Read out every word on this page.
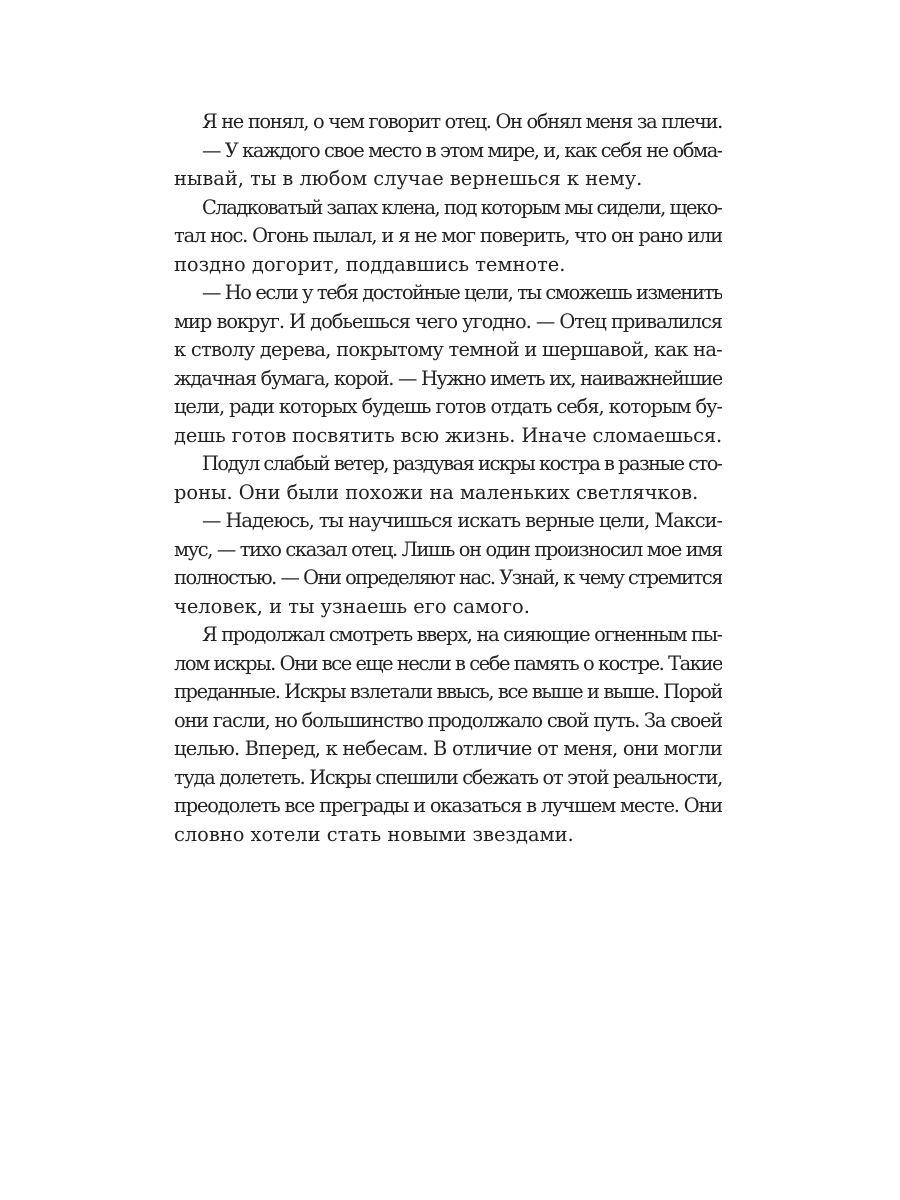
Я не понял, о чем говорит отец. Он обнял меня за плечи.
— У каждого свое место в этом мире, и, как себя не обма-
нывай, ты в любом случае вернешься к нему.
Сладковатый запах клена, под которым мы сидели, щеко-
тал нос. Огонь пылал, и я не мог поверить, что он рано или
поздно догорит, поддавшись темноте.
— Но если у тебя достойные цели, ты сможешь изменить
мир вокруг. И добьешься чего угодно. — Отец привалился
к стволу дерева, покрытому темной и шершавой, как на-
ждачная бумага, корой. — Нужно иметь их, наиважнейшие
цели, ради которых будешь готов отдать себя, которым бу-
дешь готов посвятить всю жизнь. Иначе сломаешься.
Подул слабый ветер, раздувая искры костра в разные сто-
роны. Они были похожи на маленьких светлячков.
— Надеюсь, ты научишься искать верные цели, Макси-
мус, — тихо сказал отец. Лишь он один произносил мое имя
полностью. — Они определяют нас. Узнай, к чему стремится
человек, и ты узнаешь его самого.
Я продолжал смотреть вверх, на сияющие огненным пы-
лом искры. Они все еще несли в себе память о костре. Такие
преданные. Искры взлетали ввысь, все выше и выше. Порой
они гасли, но большинство продолжало свой путь. За своей
целью. Вперед, к небесам. В отличие от меня, они могли
туда долететь. Искры спешили сбежать от этой реальности,
преодолеть все преграды и оказаться в лучшем месте. Они
словно хотели стать новыми звездами.
